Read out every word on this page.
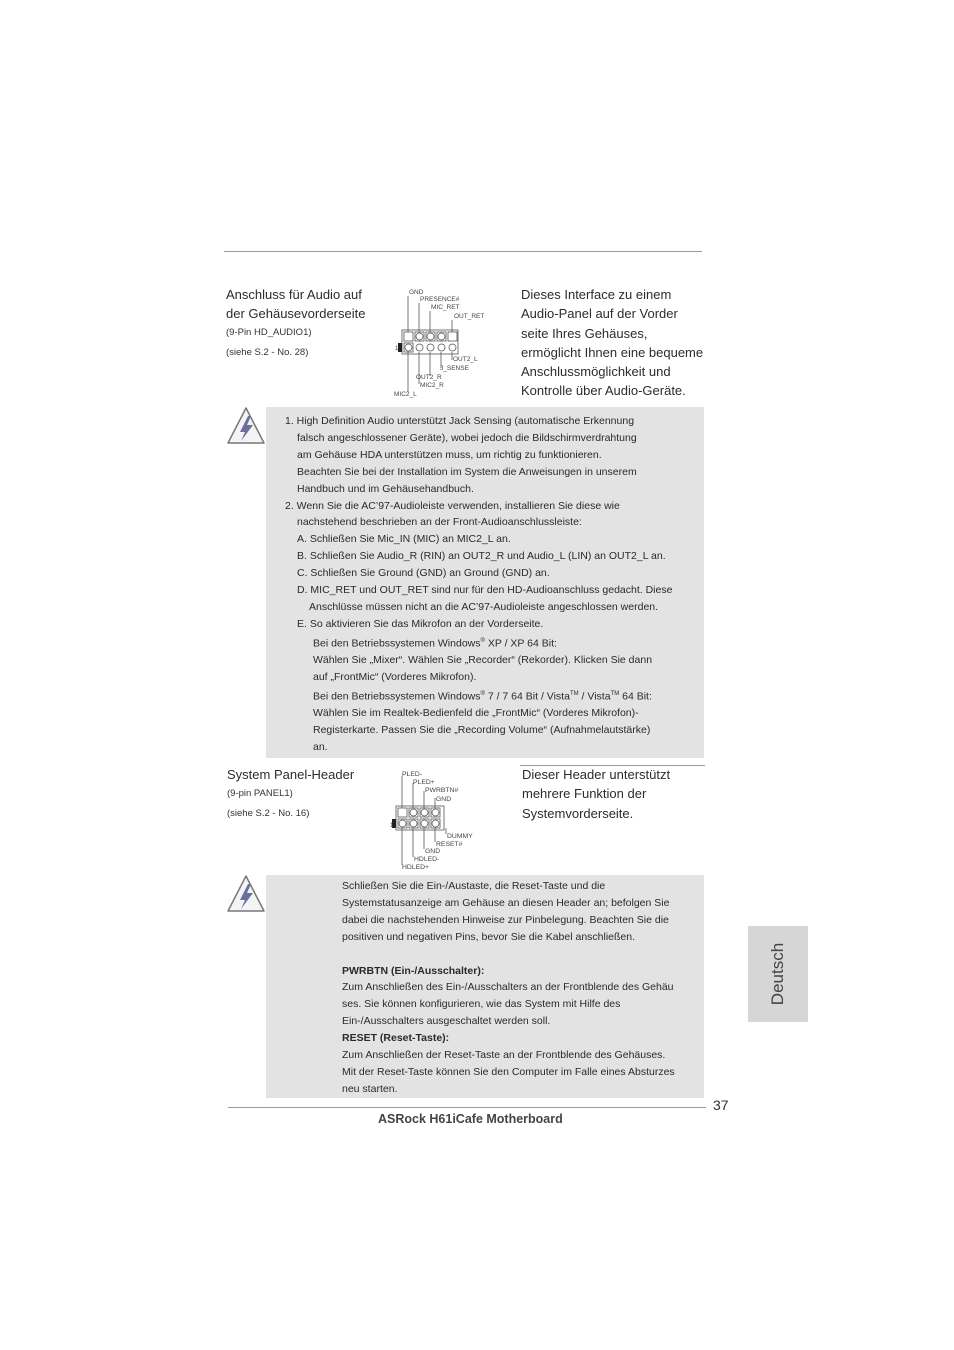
Anschluss für Audio auf
der Gehäusevorderseite
(9-Pin HD_AUDIO1)
(siehe S.2 - No. 28)
GND
PRESENCE#
MIC_RET
OUT_RET
OUT2_L
J_SENSE
OUT2_R
MIC2_R
MIC2_L
1
Dieses Interface zu einem
Audio-Panel auf der Vorder
seite Ihres Gehäuses,
ermöglicht Ihnen eine bequeme
Anschlussmöglichkeit und
Kontrolle über Audio-Geräte.
1. High Definition Audio unterstützt Jack Sensing (automatische Erkennung
falsch angeschlossener Geräte), wobei jedoch die Bildschirmverdrahtung
am Gehäuse HDA unterstützen muss, um richtig zu funktionieren.
Beachten Sie bei der Installation im System die Anweisungen in unserem
Handbuch und im Gehäusehandbuch.
2. Wenn Sie die AC’97-Audioleiste verwenden, installieren Sie diese wie
nachstehend beschrieben an der Front-Audioanschlussleiste:
A. Schließen Sie Mic_IN (MIC) an MIC2_L an.
B. Schließen Sie Audio_R (RIN) an OUT2_R und Audio_L (LIN) an OUT2_L an.
C. Schließen Sie Ground (GND) an Ground (GND) an.
D. MIC_RET und OUT_RET sind nur für den HD-Audioanschluss gedacht. Diese
Anschlüsse müssen nicht an die AC’97-Audioleiste angeschlossen werden.
E. So aktivieren Sie das Mikrofon an der Vorderseite.
Bei den Betriebssystemen Windows® XP / XP 64 Bit:
Wählen Sie „Mixer“. Wählen Sie „Recorder“ (Rekorder). Klicken Sie dann
auf „FrontMic“ (Vorderes Mikrofon).
Bei den Betriebssystemen Windows® 7 / 7 64 Bit / Vista™ / Vista™ 64 Bit:
Wählen Sie im Realtek-Bedienfeld die „FrontMic“ (Vorderes Mikrofon)-
Registerkarte. Passen Sie die „Recording Volume“ (Aufnahmelautstärke)
an.
System Panel-Header
(9-pin PANEL1)
(siehe S.2 - No. 16)
PLED-
PLED+
PWRBTN#
GND
DUMMY
RESET#
GND
HDLED-
HDLED+
1
Dieser Header unterstützt
mehrere Funktion der
Systemvorderseite.
Schließen Sie die Ein-/Austaste, die Reset-Taste und die
Systemstatusanzeige am Gehäuse an diesen Header an; befolgen Sie
dabei die nachstehenden Hinweise zur Pinbelegung. Beachten Sie die
positiven und negativen Pins, bevor Sie die Kabel anschließen.

PWRBTN (Ein-/Ausschalter):
Zum Anschließen des Ein-/Ausschalters an der Frontblende des Gehäu
ses. Sie können konfigurieren, wie das System mit Hilfe des
Ein-/Ausschalters ausgeschaltet werden soll.
RESET (Reset-Taste):
Zum Anschließen der Reset-Taste an der Frontblende des Gehäuses.
Mit der Reset-Taste können Sie den Computer im Falle eines Absturzes
neu starten.
Deutsch
37
ASRock H61iCafe Motherboard
